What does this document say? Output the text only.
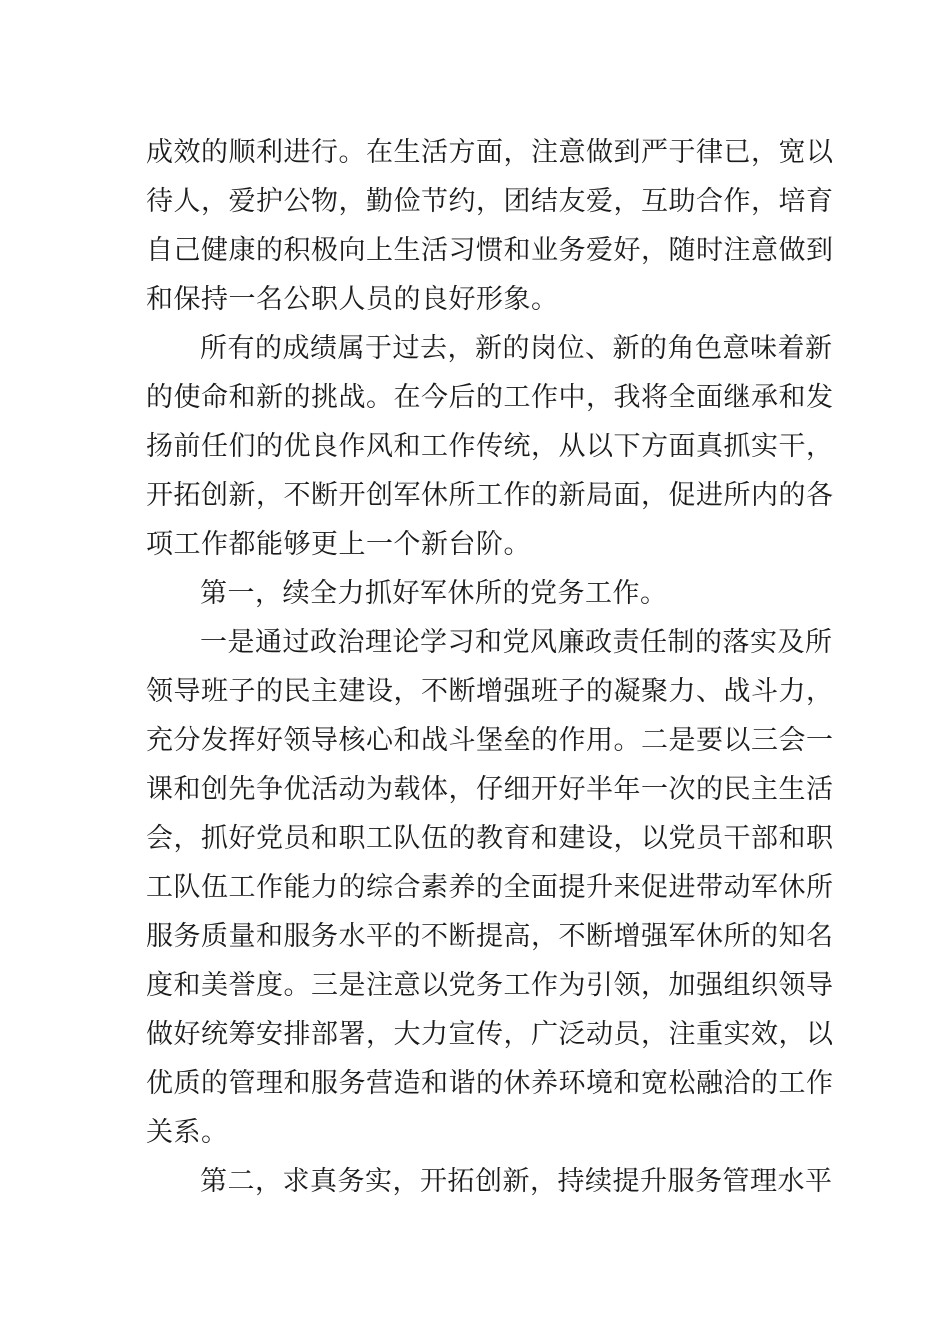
成效的顺利进行。在生活方面，注意做到严于律已，宽以
待人，爱护公物，勤俭节约，团结友爱，互助合作，培育
自己健康的积极向上生活习惯和业务爱好，随时注意做到
和保持一名公职人员的良好形象。
所有的成绩属于过去，新的岗位、新的角色意味着新
的使命和新的挑战。在今后的工作中，我将全面继承和发
扬前任们的优良作风和工作传统，从以下方面真抓实干，
开拓创新，不断开创军休所工作的新局面，促进所内的各
项工作都能够更上一个新台阶。
第一，续全力抓好军休所的党务工作。
一是通过政治理论学习和党风廉政责任制的落实及所
领导班子的民主建设，不断增强班子的凝聚力、战斗力，
充分发挥好领导核心和战斗堡垒的作用。二是要以三会一
课和创先争优活动为载体，仔细开好半年一次的民主生活
会，抓好党员和职工队伍的教育和建设，以党员干部和职
工队伍工作能力的综合素养的全面提升来促进带动军休所
服务质量和服务水平的不断提高，不断增强军休所的知名
度和美誉度。三是注意以党务工作为引领，加强组织领导
做好统筹安排部署，大力宣传，广泛动员，注重实效，以
优质的管理和服务营造和谐的休养环境和宽松融洽的工作
关系。
第二，求真务实，开拓创新，持续提升服务管理水平
